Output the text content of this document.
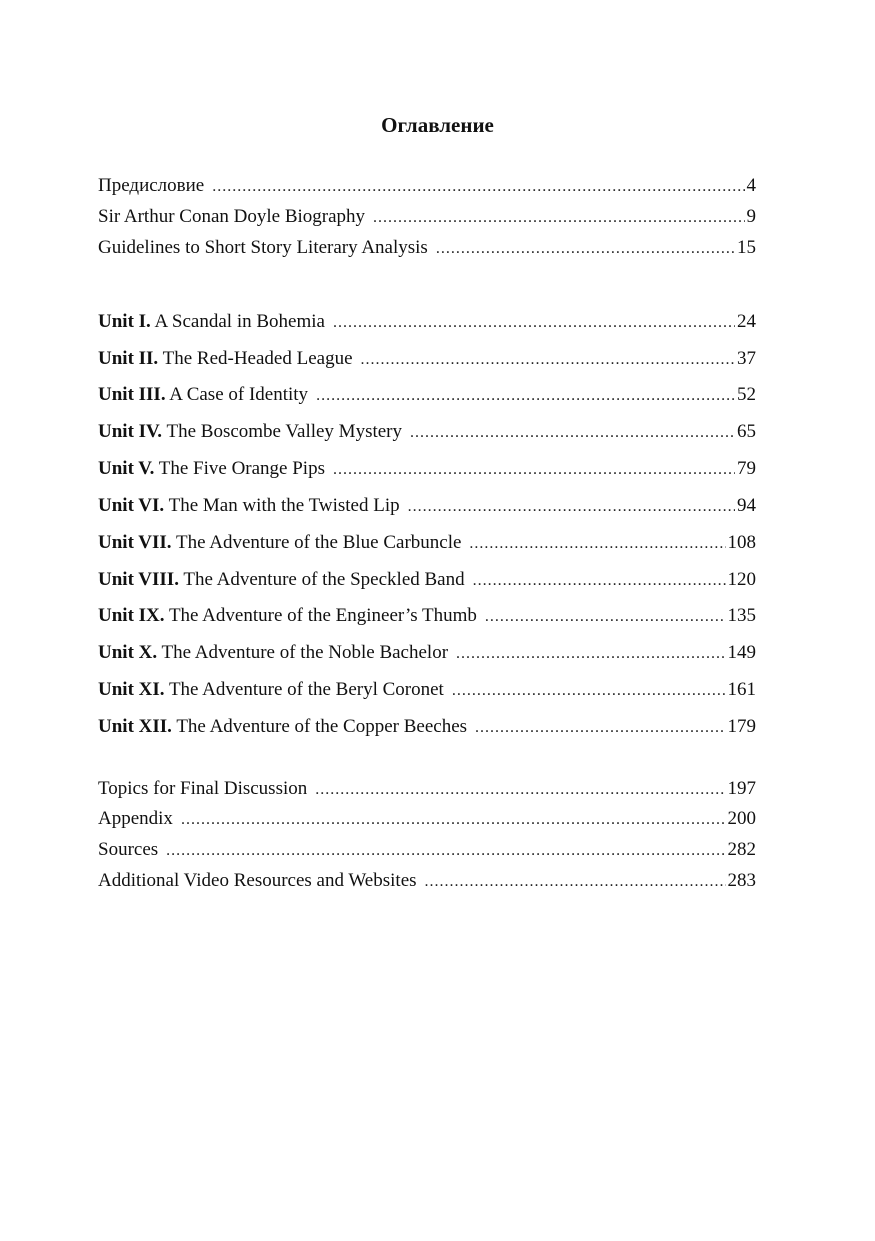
Оглавление
Предисловие .....	4
Sir Arthur Conan Doyle Biography .....	9
Guidelines to Short Story Literary Analysis .....	15
Unit I. A Scandal in Bohemia .....	24
Unit II. The Red-Headed League .....	37
Unit III. A Case of Identity .....	52
Unit IV. The Boscombe Valley Mystery .....	65
Unit V. The Five Orange Pips .....	79
Unit VI. The Man with the Twisted Lip .....	94
Unit VII. The Adventure of the Blue Carbuncle .....	108
Unit VIII. The Adventure of the Speckled Band .....	120
Unit IX. The Adventure of the Engineer’s Thumb .....	135
Unit X. The Adventure of the Noble Bachelor .....	149
Unit XI. The Adventure of the Beryl Coronet .....	161
Unit XII. The Adventure of the Copper Beeches .....	179
Topics for Final Discussion .....	197
Appendix .....	200
Sources .....	282
Additional Video Resources and Websites .....	283
